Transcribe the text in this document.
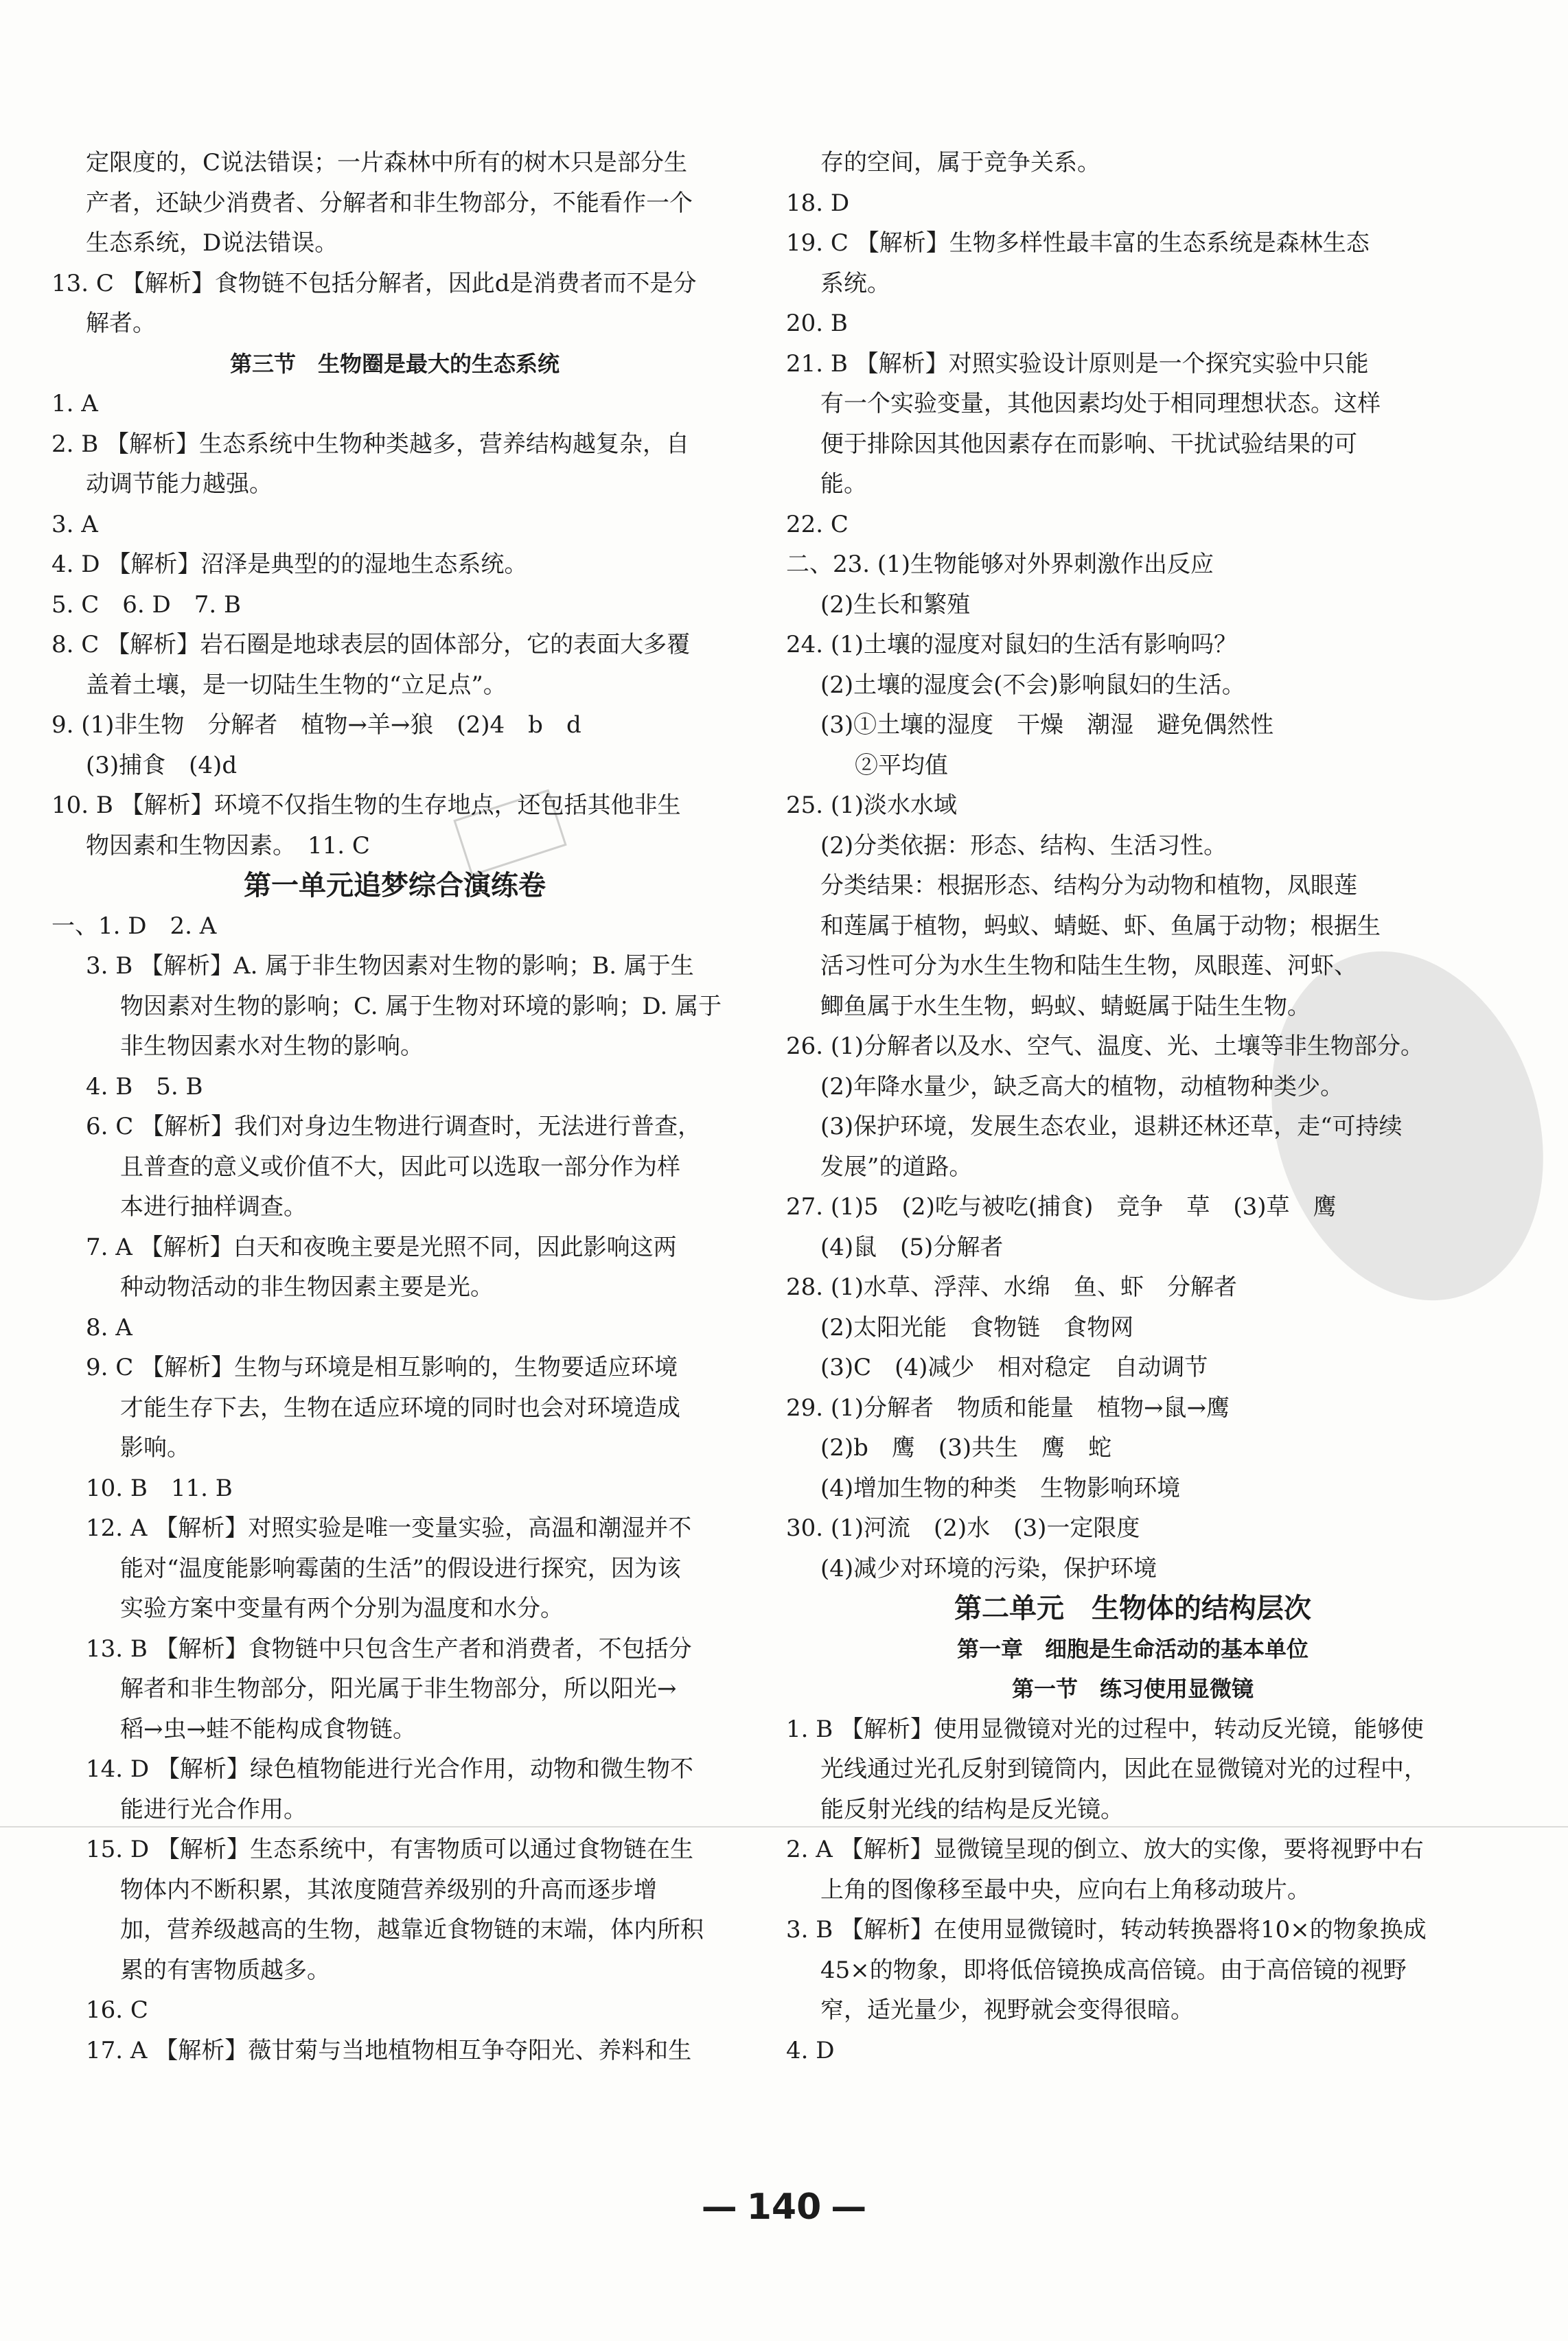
定限度的，C说法错误；一片森林中所有的树木只是部分生
产者，还缺少消费者、分解者和非生物部分，不能看作一个
生态系统，D说法错误。
13. C 【解析】食物链不包括分解者，因此d是消费者而不是分
解者。
第三节　生物圈是最大的生态系统
1. A
2. B 【解析】生态系统中生物种类越多，营养结构越复杂，自
动调节能力越强。
3. A
4. D 【解析】沼泽是典型的的湿地生态系统。
5. C　6. D　7. B
8. C 【解析】岩石圈是地球表层的固体部分，它的表面大多覆
盖着土壤，是一切陆生生物的“立足点”。
9. (1)非生物　分解者　植物→羊→狼　(2)4　b　d
(3)捕食　(4)d
10. B 【解析】环境不仅指生物的生存地点，还包括其他非生
物因素和生物因素。　11. C
第一单元追梦综合演练卷
一、1. D　2. A
3. B 【解析】A. 属于非生物因素对生物的影响；B. 属于生
物因素对生物的影响；C. 属于生物对环境的影响；D. 属于
非生物因素水对生物的影响。
4. B　5. B
6. C 【解析】我们对身边生物进行调查时，无法进行普查，
且普查的意义或价值不大，因此可以选取一部分作为样
本进行抽样调查。
7. A 【解析】白天和夜晚主要是光照不同，因此影响这两
种动物活动的非生物因素主要是光。
8. A
9. C 【解析】生物与环境是相互影响的，生物要适应环境
才能生存下去，生物在适应环境的同时也会对环境造成
影响。
10. B　11. B
12. A 【解析】对照实验是唯一变量实验，高温和潮湿并不
能对“温度能影响霉菌的生活”的假设进行探究，因为该
实验方案中变量有两个分别为温度和水分。
13. B 【解析】食物链中只包含生产者和消费者，不包括分
解者和非生物部分，阳光属于非生物部分，所以阳光→
稻→虫→蛙不能构成食物链。
14. D 【解析】绿色植物能进行光合作用，动物和微生物不
能进行光合作用。
15. D 【解析】生态系统中，有害物质可以通过食物链在生
物体内不断积累，其浓度随营养级别的升高而逐步增
加，营养级越高的生物，越靠近食物链的末端，体内所积
累的有害物质越多。
16. C
17. A 【解析】薇甘菊与当地植物相互争夺阳光、养料和生
存的空间，属于竞争关系。
18. D
19. C 【解析】生物多样性最丰富的生态系统是森林生态
系统。
20. B
21. B 【解析】对照实验设计原则是一个探究实验中只能
有一个实验变量，其他因素均处于相同理想状态。这样
便于排除因其他因素存在而影响、干扰试验结果的可
能。
22. C
二、23. (1)生物能够对外界刺激作出反应
(2)生长和繁殖
24. (1)土壤的湿度对鼠妇的生活有影响吗？
(2)土壤的湿度会(不会)影响鼠妇的生活。
(3)①土壤的湿度　干燥　潮湿　避免偶然性
②平均值
25. (1)淡水水域
(2)分类依据：形态、结构、生活习性。
分类结果：根据形态、结构分为动物和植物，凤眼莲
和莲属于植物，蚂蚁、蜻蜓、虾、鱼属于动物；根据生
活习性可分为水生生物和陆生生物，凤眼莲、河虾、
鲫鱼属于水生生物，蚂蚁、蜻蜓属于陆生生物。
26. (1)分解者以及水、空气、温度、光、土壤等非生物部分。
(2)年降水量少，缺乏高大的植物，动植物种类少。
(3)保护环境，发展生态农业，退耕还林还草，走“可持续
发展”的道路。
27. (1)5　(2)吃与被吃(捕食)　竞争　草　(3)草　鹰
(4)鼠　(5)分解者
28. (1)水草、浮萍、水绵　鱼、虾　分解者
(2)太阳光能　食物链　食物网
(3)C　(4)减少　相对稳定　自动调节
29. (1)分解者　物质和能量　植物→鼠→鹰
(2)b　鹰　(3)共生　鹰　蛇
(4)增加生物的种类　生物影响环境
30. (1)河流　(2)水　(3)一定限度
(4)减少对环境的污染，保护环境
第二单元　生物体的结构层次
第一章　细胞是生命活动的基本单位
第一节　练习使用显微镜
1. B 【解析】使用显微镜对光的过程中，转动反光镜，能够使
光线通过光孔反射到镜筒内，因此在显微镜对光的过程中，
能反射光线的结构是反光镜。
2. A 【解析】显微镜呈现的倒立、放大的实像，要将视野中右
上角的图像移至最中央，应向右上角移动玻片。
3. B 【解析】在使用显微镜时，转动转换器将10×的物象换成
45×的物象，即将低倍镜换成高倍镜。由于高倍镜的视野
窄，适光量少，视野就会变得很暗。
4. D
— 140 —
